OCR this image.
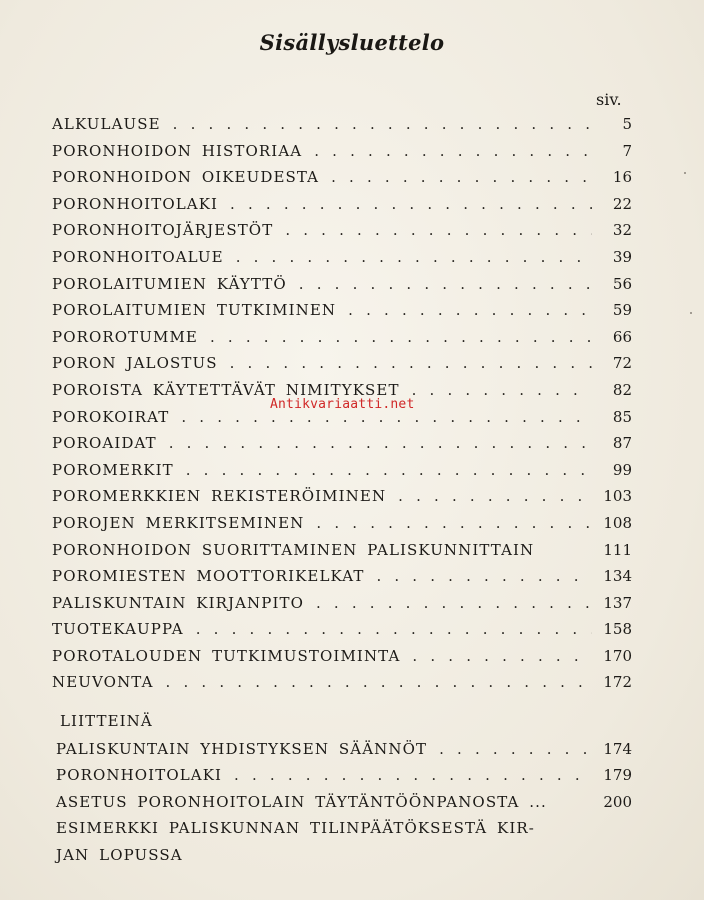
Sisällysluettelo
siv.
ALKULAUSE . . .	5
PORONHOIDON HISTORIAA . . .	7
PORONHOIDON OIKEUDESTA . . .	16
PORONHOITOLAKI . . .	22
PORONHOITOJÄRJESTÖT . . .	32
PORONHOITOALUE . . .	39
POROLAITUMIEN KÄYTTÖ . . .	56
POROLAITUMIEN TUTKIMINEN . . .	59
POROROTUMME . . .	66
PORON JALOSTUS . . .	72
POROISTA KÄYTETTÄVÄT NIMITYKSET . . .	82
POROKOIRAT . . .	85
POROAIDAT . . .	87
POROMERKIT . . .	99
POROMERKKIEN REKISTERÖIMINEN . . .	103
POROJEN MERKITSEMINEN . . .	108
PORONHOIDON SUORITTAMINEN PALISKUNNITTAIN	111
POROMIESTEN MOOTTORIKELKAT . . .	134
PALISKUNTAIN KIRJANPITO . . .	137
TUOTEKAUPPA . . .	158
POROTALOUDEN TUTKIMUSTOIMINTA . . .	170
NEUVONTA . . .	172
LIITTEINÄ
PALISKUNTAIN YHDISTYKSEN SÄÄNNÖT . . .	174
PORONHOITOLAKI . . .	179
ASETUS PORONHOITOLAIN TÄYTÄNTÖÖNPANOSTA ...	200
ESIMERKKI PALISKUNNAN TILINPÄÄTÖKSESTÄ KIR-
JAN LOPUSSA
Antikvariaatti.net
